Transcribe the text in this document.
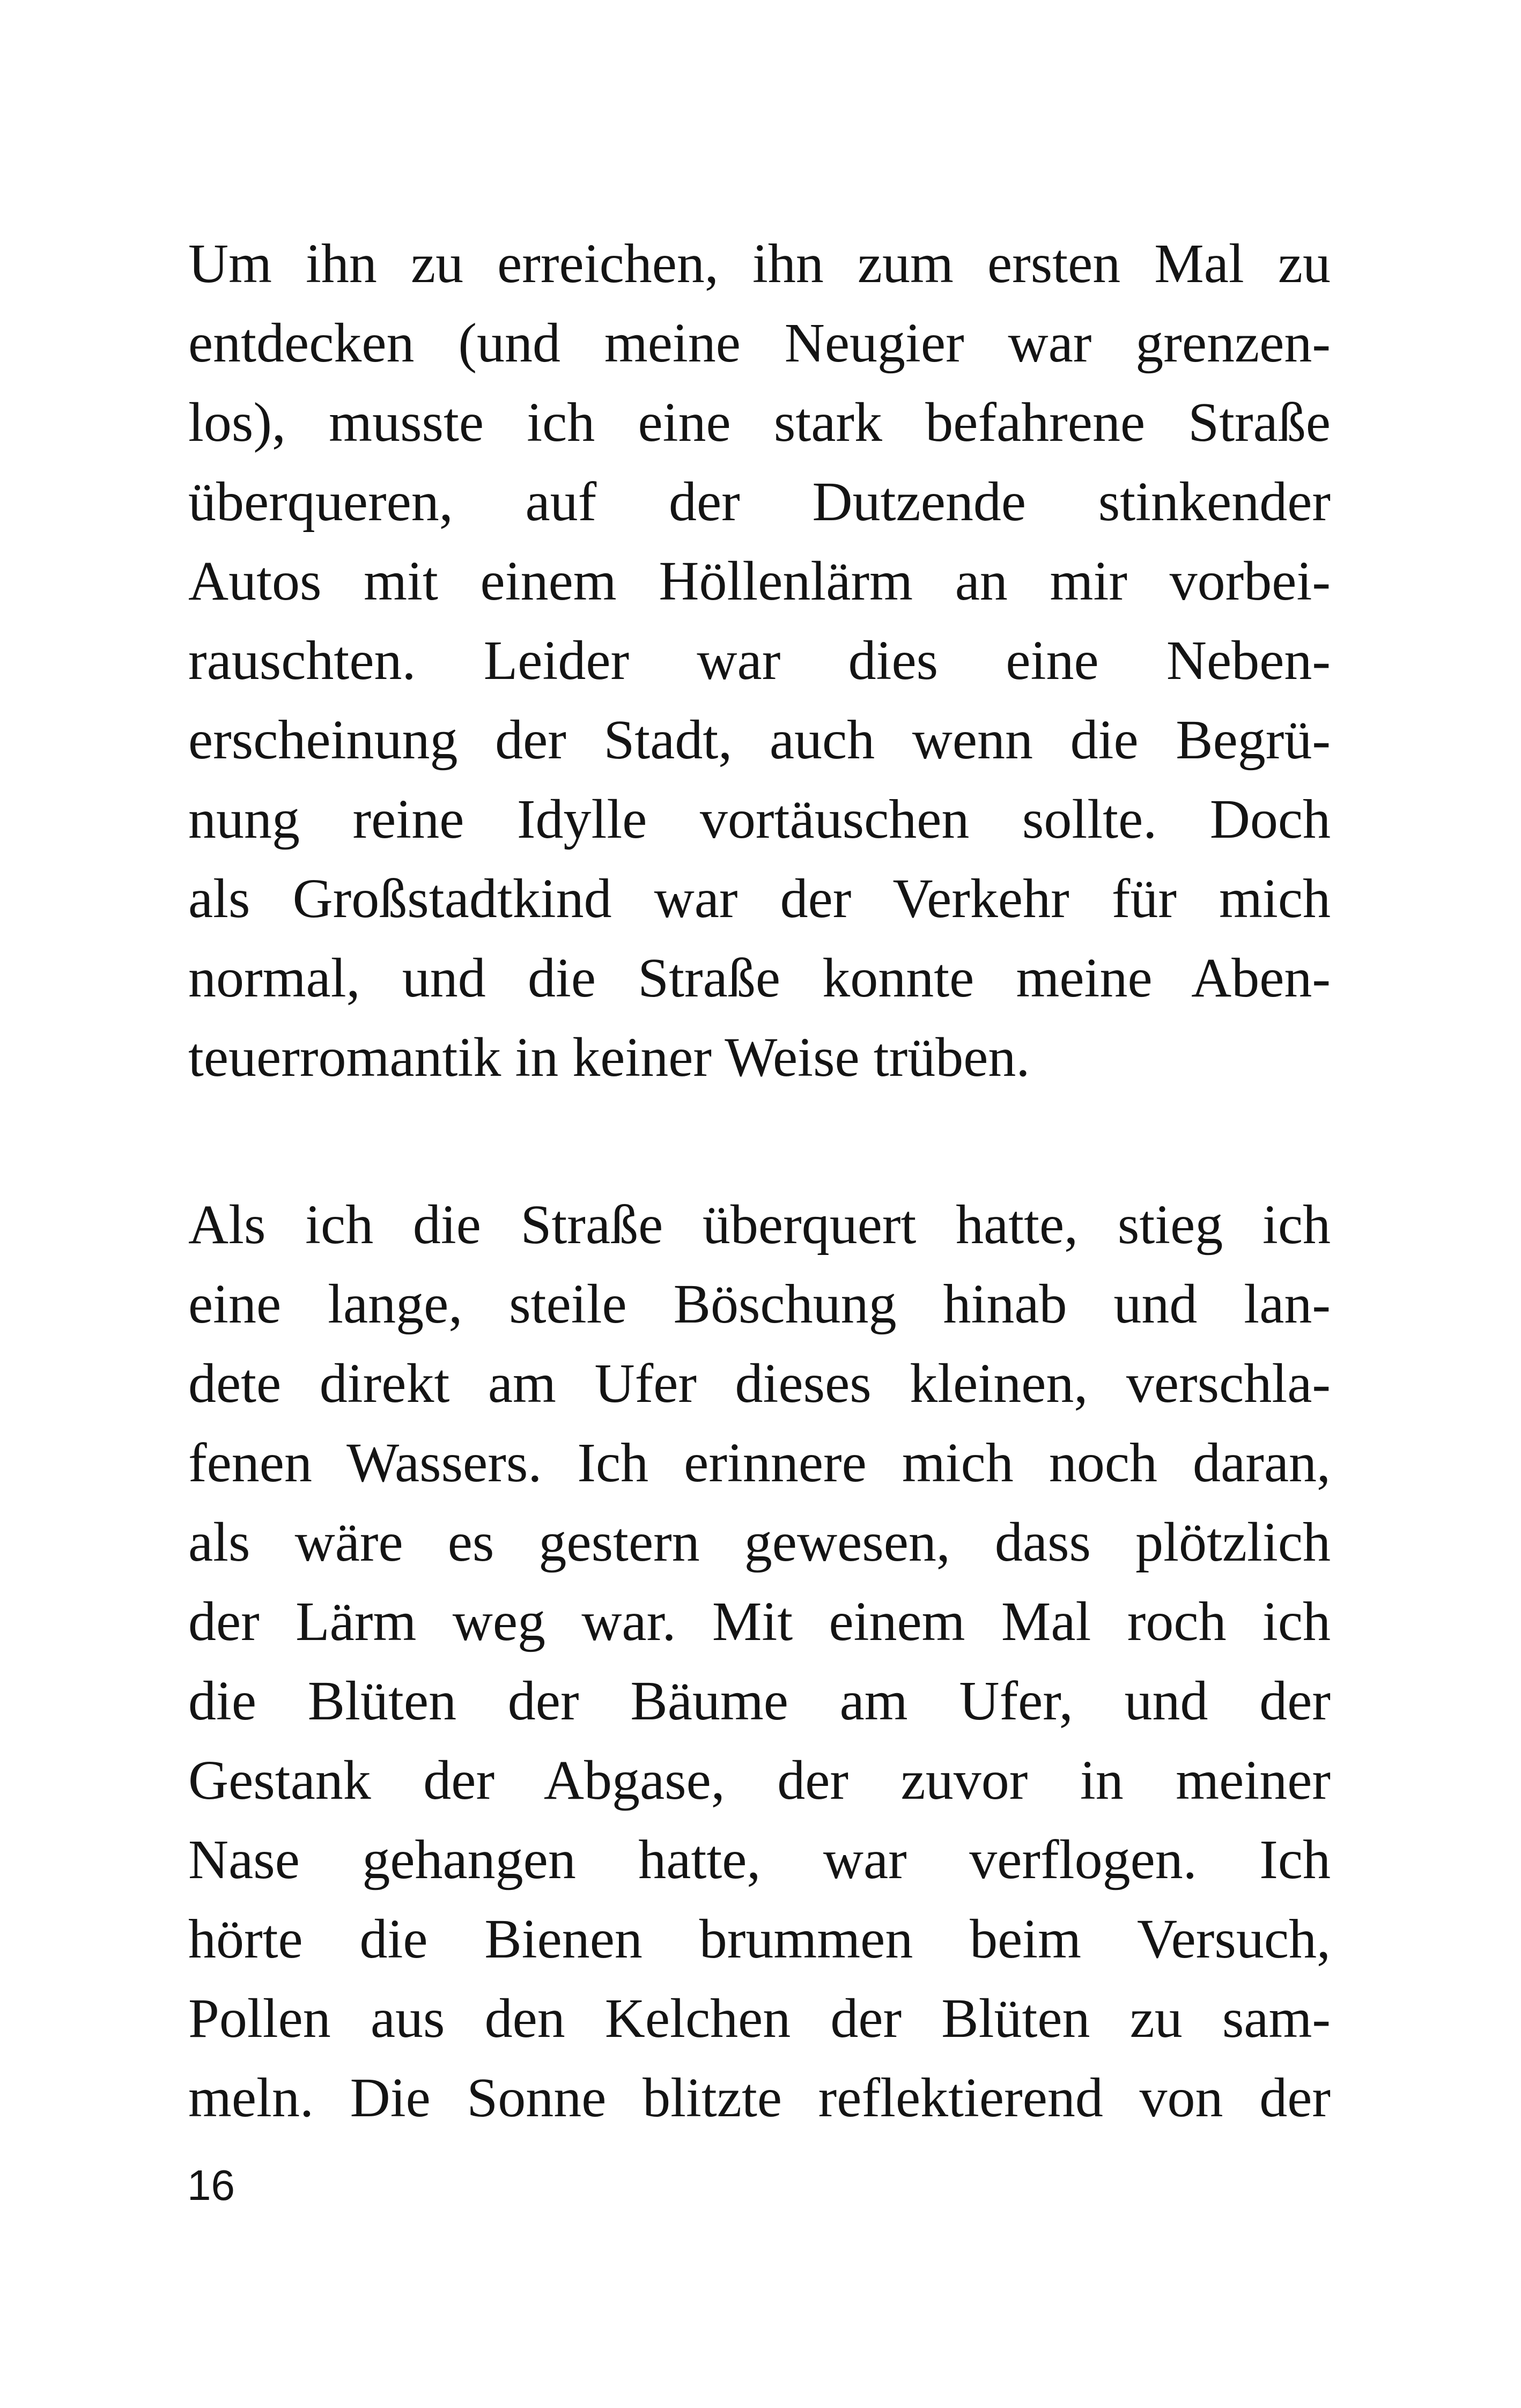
Um ihn zu erreichen, ihn zum ersten Mal zu
entdecken (und meine Neugier war grenzen-
los), musste ich eine stark befahrene Straße
überqueren, auf der Dutzende stinkender
Autos mit einem Höllenlärm an mir vorbei-
rauschten. Leider war dies eine Neben-
erscheinung der Stadt, auch wenn die Begrü-
nung reine Idylle vortäuschen sollte. Doch
als Großstadtkind war der Verkehr für mich
normal, und die Straße konnte meine Aben-
teuerromantik in keiner Weise trüben.
Als ich die Straße überquert hatte, stieg ich
eine lange, steile Böschung hinab und lan-
dete direkt am Ufer dieses kleinen, verschla-
fenen Wassers. Ich erinnere mich noch daran,
als wäre es gestern gewesen, dass plötzlich
der Lärm weg war. Mit einem Mal roch ich
die Blüten der Bäume am Ufer, und der
Gestank der Abgase, der zuvor in meiner
Nase gehangen hatte, war verflogen. Ich
hörte die Bienen brummen beim Versuch,
Pollen aus den Kelchen der Blüten zu sam-
meln. Die Sonne blitzte reflektierend von der
16
